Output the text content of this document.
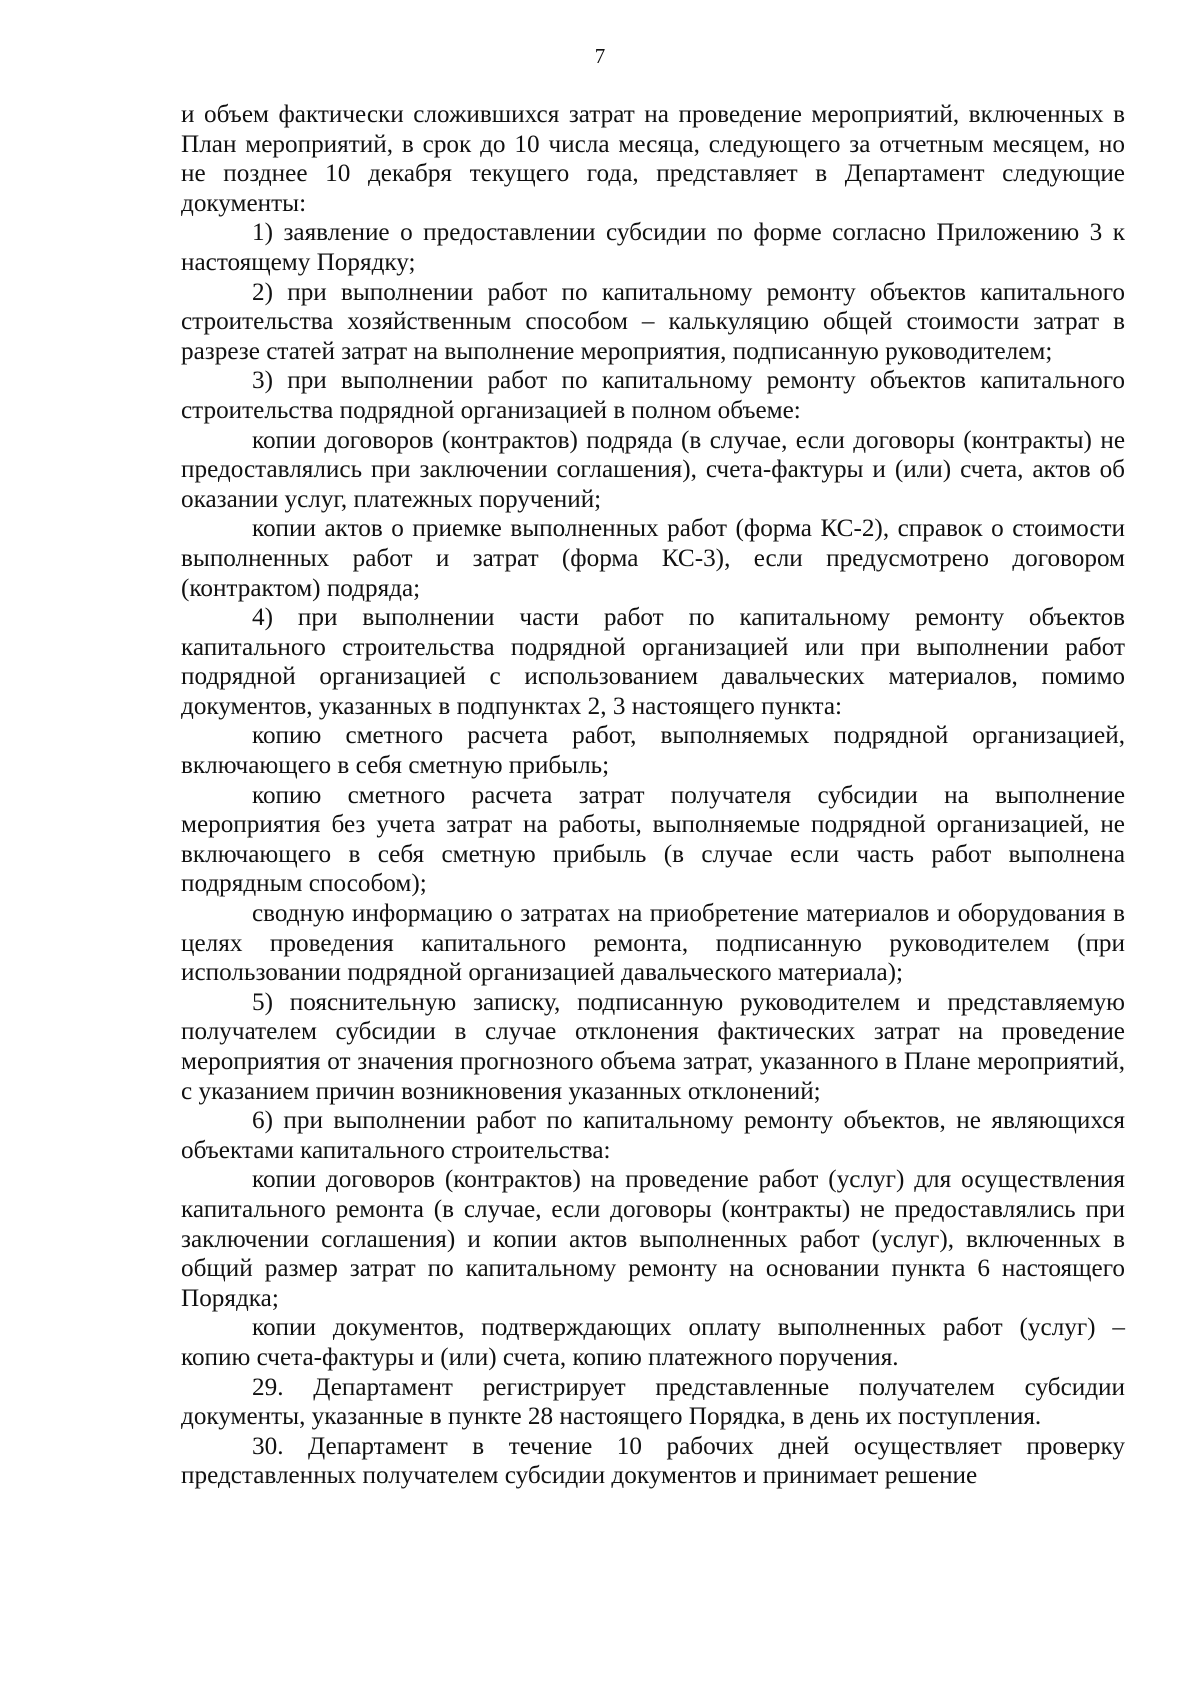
7

и объем фактически сложившихся затрат на проведение мероприятий, включенных в План мероприятий, в срок до 10 числа месяца, следующего за отчетным месяцем, но не позднее 10 декабря текущего года, представляет в Департамент следующие документы:

1) заявление о предоставлении субсидии по форме согласно Приложению 3 к настоящему Порядку;

2) при выполнении работ по капитальному ремонту объектов капитального строительства хозяйственным способом – калькуляцию общей стоимости затрат в разрезе статей затрат на выполнение мероприятия, подписанную руководителем;

3) при выполнении работ по капитальному ремонту объектов капитального строительства подрядной организацией в полном объеме:

копии договоров (контрактов) подряда (в случае, если договоры (контракты) не предоставлялись при заключении соглашения), счета-фактуры и (или) счета, актов об оказании услуг, платежных поручений;

копии актов о приемке выполненных работ (форма КС-2), справок о стоимости выполненных работ и затрат (форма КС-3), если предусмотрено договором (контрактом) подряда;

4) при выполнении части работ по капитальному ремонту объектов капитального строительства подрядной организацией или при выполнении работ подрядной организацией с использованием давальческих материалов, помимо документов, указанных в подпунктах 2, 3 настоящего пункта:

копию сметного расчета работ, выполняемых подрядной организацией, включающего в себя сметную прибыль;

копию сметного расчета затрат получателя субсидии на выполнение мероприятия без учета затрат на работы, выполняемые подрядной организацией, не включающего в себя сметную прибыль (в случае если часть работ выполнена подрядным способом);

сводную информацию о затратах на приобретение материалов и оборудования в целях проведения капитального ремонта, подписанную руководителем (при использовании подрядной организацией давальческого материала);

5) пояснительную записку, подписанную руководителем и представляемую получателем субсидии в случае отклонения фактических затрат на проведение мероприятия от значения прогнозного объема затрат, указанного в Плане мероприятий, с указанием причин возникновения указанных отклонений;

6) при выполнении работ по капитальному ремонту объектов, не являющихся объектами капитального строительства:

копии договоров (контрактов) на проведение работ (услуг) для осуществления капитального ремонта (в случае, если договоры (контракты) не предоставлялись при заключении соглашения) и копии актов выполненных работ (услуг), включенных в общий размер затрат по капитальному ремонту на основании пункта 6 настоящего Порядка;

копии документов, подтверждающих оплату выполненных работ (услуг) – копию счета-фактуры и (или) счета, копию платежного поручения.

29. Департамент регистрирует представленные получателем субсидии документы, указанные в пункте 28 настоящего Порядка, в день их поступления.

30. Департамент в течение 10 рабочих дней осуществляет проверку представленных получателем субсидии документов и принимает решение
